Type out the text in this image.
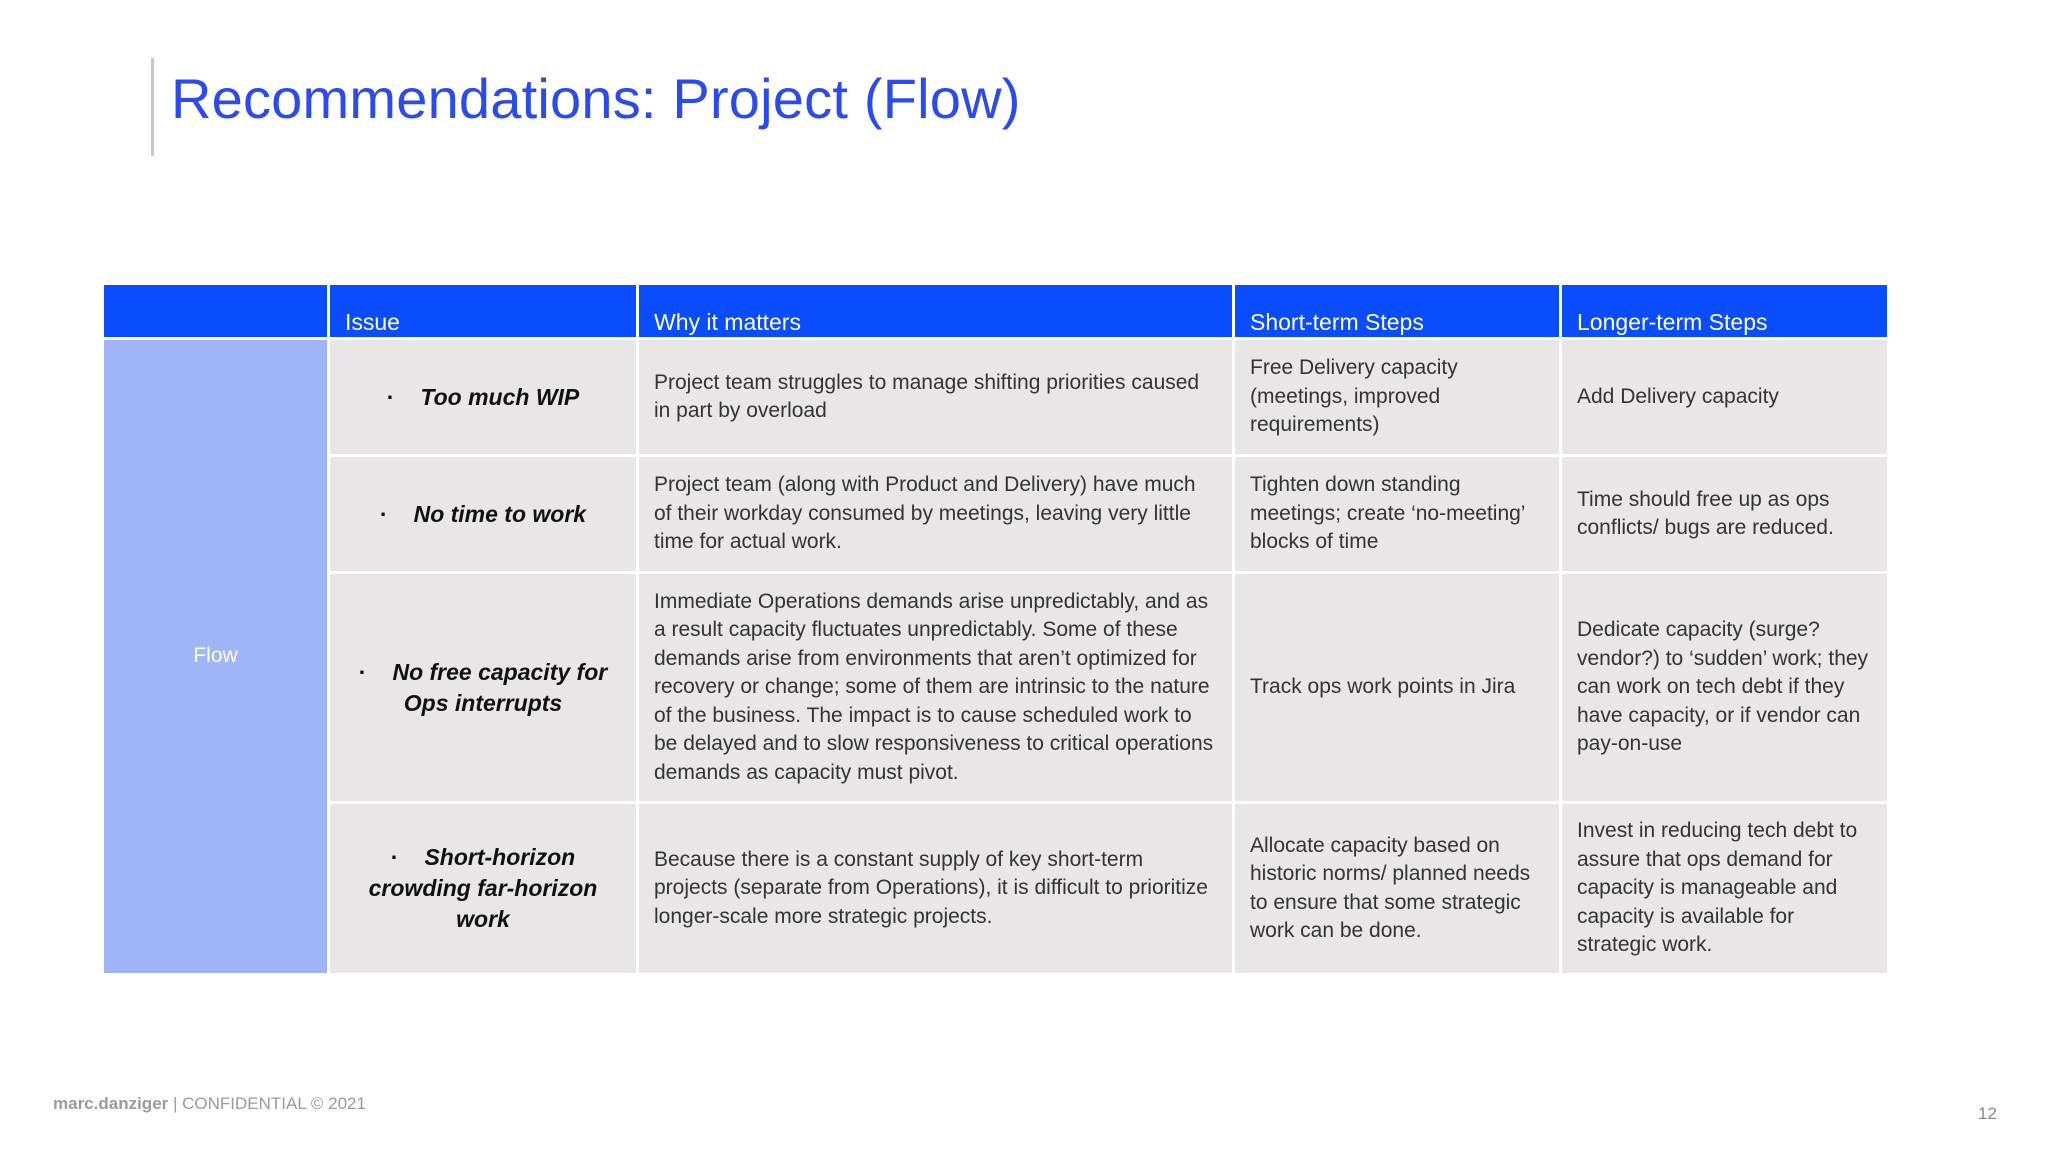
Recommendations: Project (Flow)

	Issue	Why it matters	Short-term Steps	Longer-term Steps

Flow	· Too much WIP	Project team struggles to manage shifting priorities caused in part by overload	Free Delivery capacity (meetings, improved requirements)	Add Delivery capacity
	· No time to work	Project team (along with Product and Delivery) have much of their workday consumed by meetings, leaving very little time for actual work.	Tighten down standing meetings; create ‘no-meeting’ blocks of time	Time should free up as ops conflicts/ bugs are reduced.
	· No free capacity for Ops interrupts	Immediate Operations demands arise unpredictably, and as a result capacity fluctuates unpredictably. Some of these demands arise from environments that aren’t optimized for recovery or change; some of them are intrinsic to the nature of the business. The impact is to cause scheduled work to be delayed and to slow responsiveness to critical operations demands as capacity must pivot.	Track ops work points in Jira	Dedicate capacity (surge? vendor?) to ‘sudden’ work; they can work on tech debt if they have capacity, or if vendor can pay-on-use
	· Short-horizon crowding far-horizon work	Because there is a constant supply of key short-term projects (separate from Operations), it is difficult to prioritize longer-scale more strategic projects.	Allocate capacity based on historic norms/ planned needs to ensure that some strategic work can be done.	Invest in reducing tech debt to assure that ops demand for capacity is manageable and capacity is available for strategic work.
marc.danziger | CONFIDENTIAL © 2021
12
